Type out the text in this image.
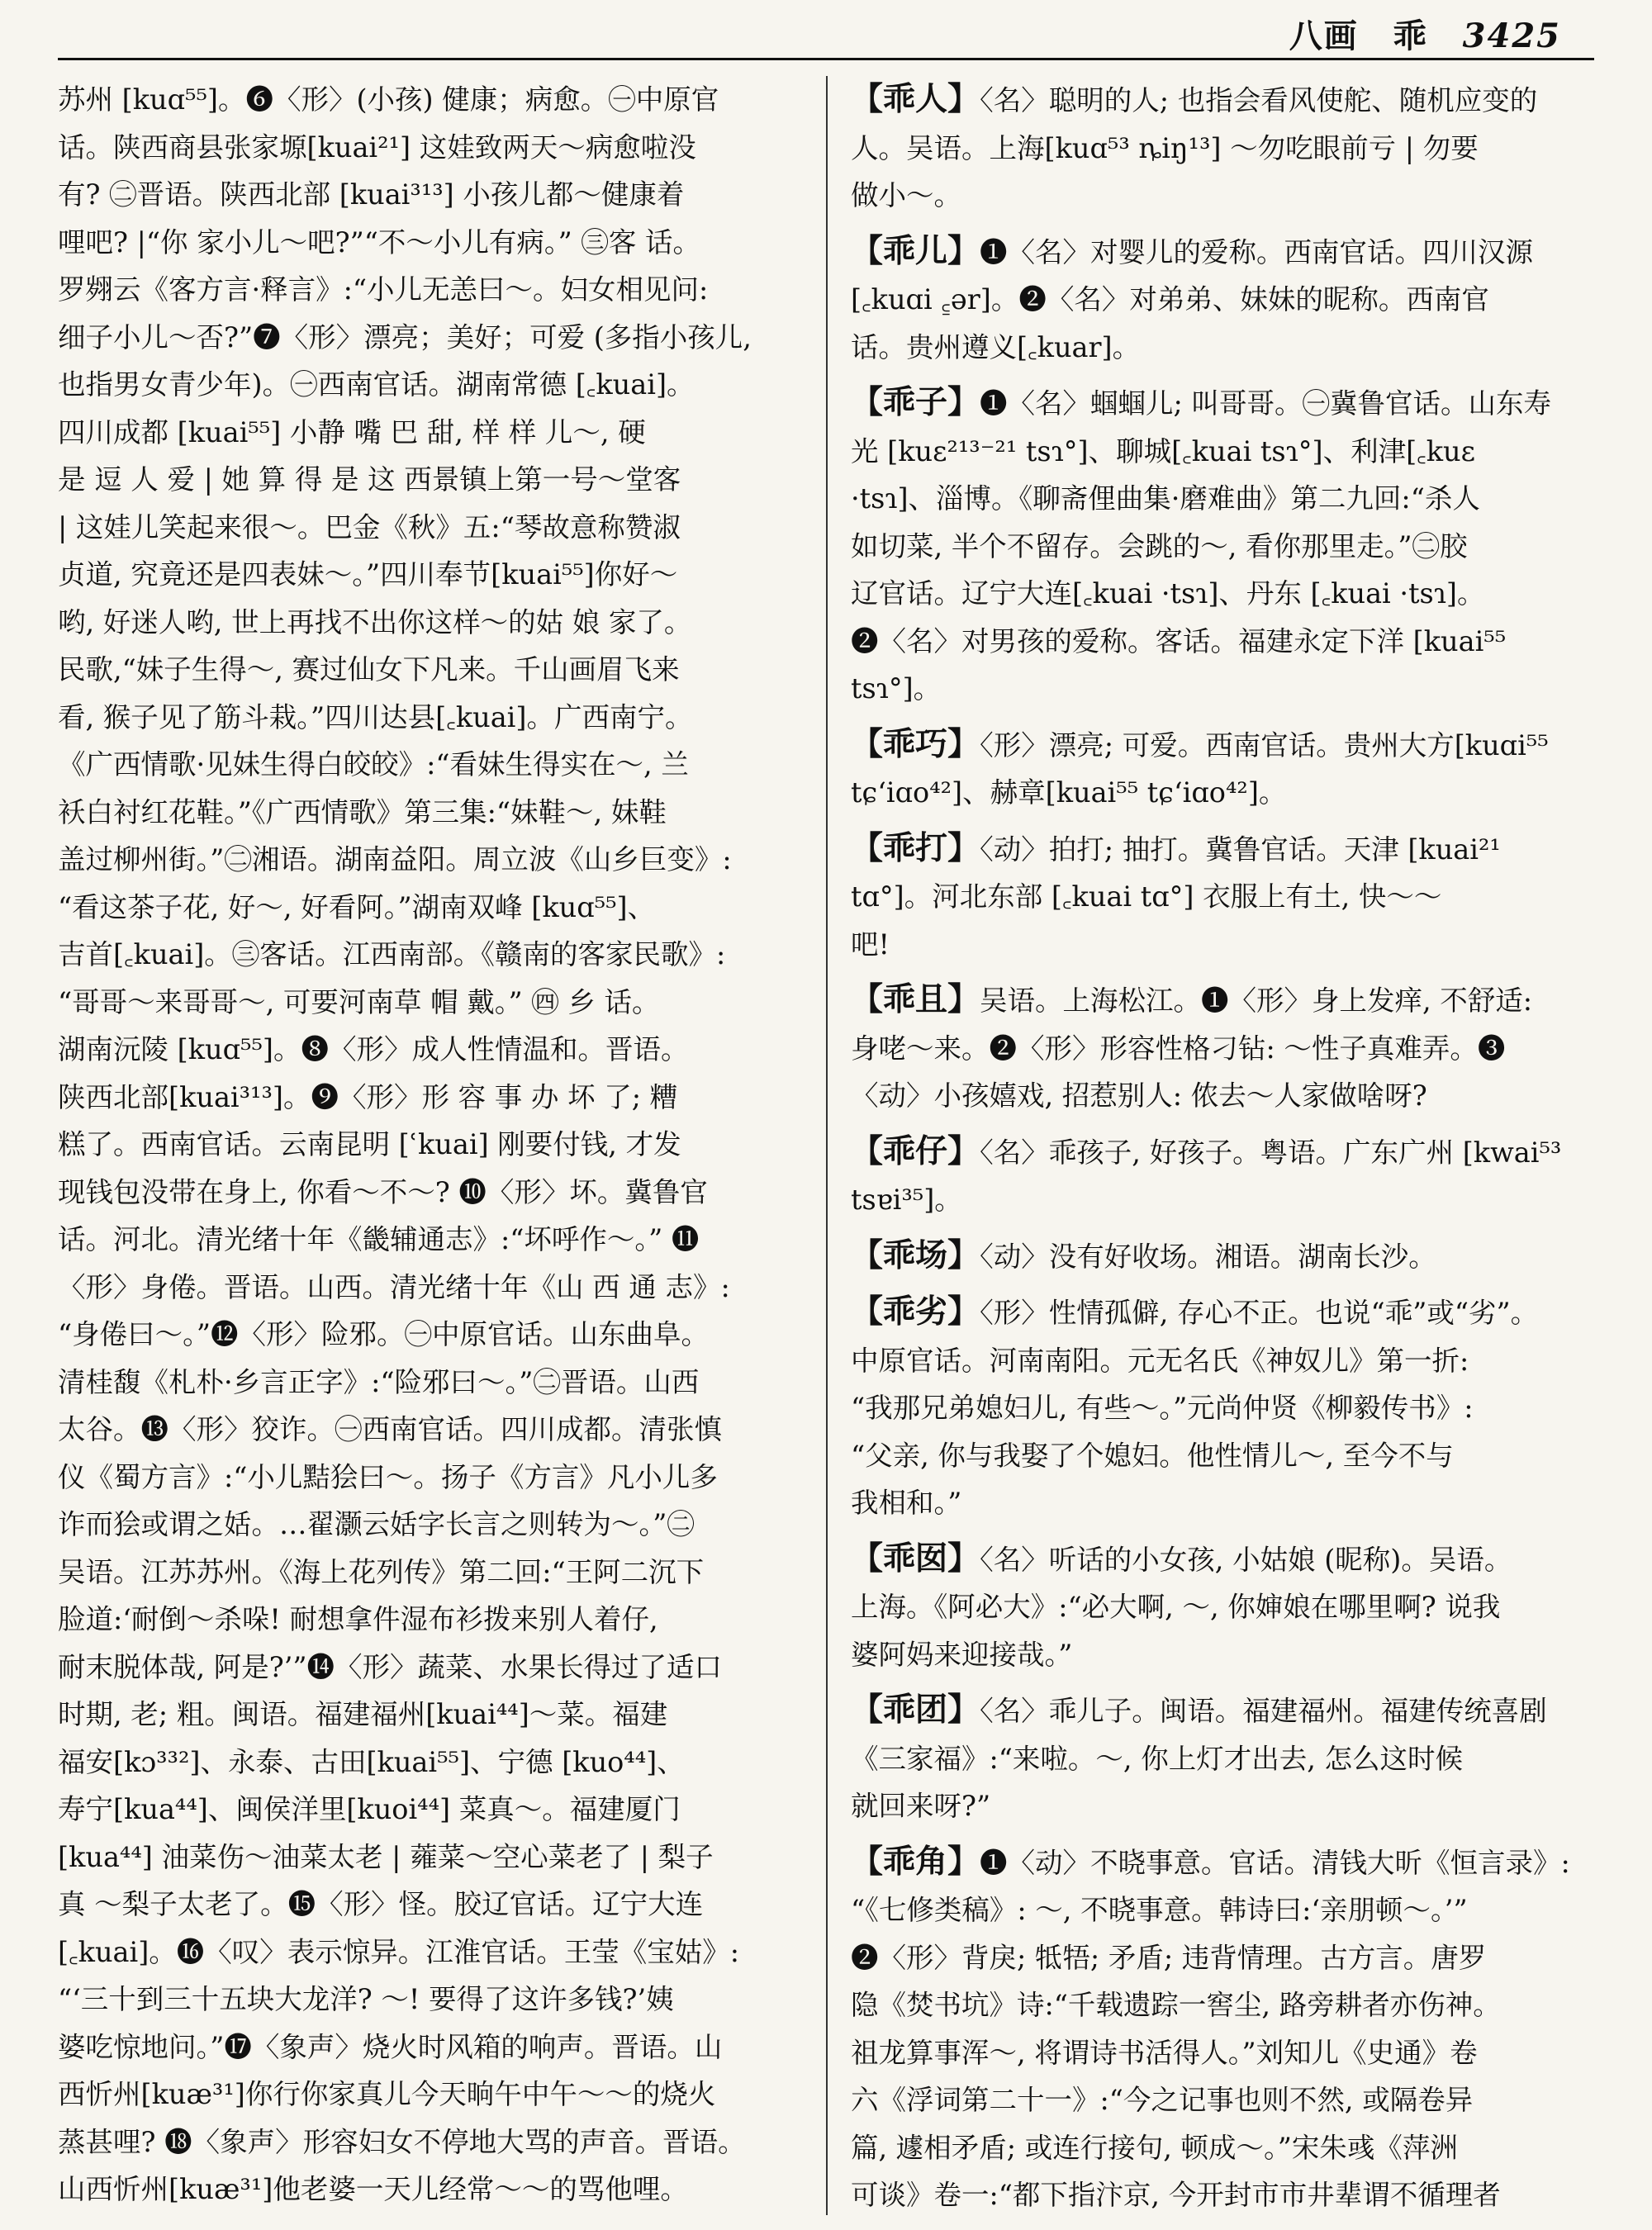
八画 乖 3425

苏州 [kuɑ⁵⁵]。❻〈形〉(小孩) 健康；病愈。㊀中原官

话。陕西商县张家塬[kuai²¹] 这娃致两天～病愈啦没

有? ㊁晋语。陕西北部 [kuai³¹³] 小孩儿都～健康着

哩吧? |“你 家小儿～吧?”“不～小儿有病。” ㊂客 话。

罗翙云《客方言·释言》:“小儿无恙曰～。妇女相见问:

细子小儿～否?”❼〈形〉漂亮；美好；可爱 (多指小孩儿,

也指男女青少年)。㊀西南官话。湖南常德 [꜀kuai]。

四川成都 [kuai⁵⁵] 小静 嘴 巴 甜, 样 样 儿～, 硬

是 逗 人 爱 | 她 算 得 是 这 西景镇上第一号～堂客

| 这娃儿笑起来很～。巴金《秋》五:“琴故意称赞淑

贞道, 究竟还是四表妹～。”四川奉节[kuai⁵⁵]你好～

哟, 好迷人哟, 世上再找不出你这样～的姑 娘 家了。

民歌,“妹子生得～, 赛过仙女下凡来。千山画眉飞来

看, 猴子见了筋斗栽。”四川达县[꜀kuai]。广西南宁。

《广西情歌·见妹生得白皎皎》:“看妹生得实在～, 兰

袄白衬红花鞋。”《广西情歌》第三集:“妹鞋～, 妹鞋

盖过柳州街。”㊁湘语。湖南益阳。周立波《山乡巨变》:

“看这茶子花, 好～, 好看阿。”湖南双峰 [kuɑ⁵⁵]、

吉首[꜀kuai]。㊂客话。江西南部。《赣南的客家民歌》:

“哥哥～来哥哥～, 可要河南草 帽 戴。” ㊃ 乡 话。

湖南沅陵 [kuɑ⁵⁵]。❽〈形〉成人性情温和。晋语。

陕西北部[kuai³¹³]。❾〈形〉形 容 事 办 坏 了; 糟

糕了。西南官话。云南昆明 [ʿkuai] 刚要付钱, 才发

现钱包没带在身上, 你看～不～? ❿〈形〉坏。冀鲁官

话。河北。清光绪十年《畿辅通志》:“坏呼作～。” ⓫

〈形〉身倦。晋语。山西。清光绪十年《山 西 通 志》:

“身倦曰～。”⓬〈形〉险邪。㊀中原官话。山东曲阜。

清桂馥《札朴·乡言正字》:“险邪曰～。”㊁晋语。山西

太谷。⓭〈形〉狡诈。㊀西南官话。四川成都。清张慎

仪《蜀方言》:“小儿黠狯曰～。扬子《方言》凡小儿多

诈而狯或谓之姡。…翟灏云姡字长言之则转为～。”㊁

吴语。江苏苏州。《海上花列传》第二回:“王阿二沉下

脸道:‘耐倒～杀哚! 耐想拿件湿布衫拨来别人着仔,

耐末脱体哉, 阿是?’”⓮〈形〉蔬菜、水果长得过了适口

时期, 老; 粗。闽语。福建福州[kuai⁴⁴]～菜。福建

福安[kɔ³³²]、永泰、古田[kuai⁵⁵]、宁德 [kuo⁴⁴]、

寿宁[kua⁴⁴]、闽侯洋里[kuoi⁴⁴] 菜真～。福建厦门

[kua⁴⁴] 油菜伤～油菜太老 | 蕹菜～空心菜老了 | 梨子

真 ～梨子太老了。⓯〈形〉怪。胶辽官话。辽宁大连

[꜀kuai]。⓰〈叹〉表示惊异。江淮官话。王莹《宝姑》:

“‘三十到三十五块大龙洋? ～! 要得了这许多钱?’姨

婆吃惊地问。”⓱〈象声〉烧火时风箱的响声。晋语。山

西忻州[kuæ³¹]你行你家真儿今天晌午中午～～的烧火

蒸甚哩? ⓲〈象声〉形容妇女不停地大骂的声音。晋语。

山西忻州[kuæ³¹]他老婆一天儿经常～～的骂他哩。

【乖人】〈名〉聪明的人; 也指会看风使舵、随机应变的

人。吴语。上海[kuɑ⁵³ ȵiŋ¹³] ～勿吃眼前亏 | 勿要

做小～。

【乖儿】❶〈名〉对婴儿的爱称。西南官话。四川汉源

[꜀kuɑi ꜁ər]。❷〈名〉对弟弟、妹妹的昵称。西南官

话。贵州遵义[꜀kuar]。

【乖子】❶〈名〉蝈蝈儿; 叫哥哥。㊀冀鲁官话。山东寿

光 [kuɛ²¹³⁻²¹ tsɿ°]、聊城[꜀kuai tsɿ°]、利津[꜀kuɛ

·tsɿ]、淄博。《聊斋俚曲集·磨难曲》第二九回:“杀人

如切菜, 半个不留存。会跳的～, 看你那里走。”㊁胶

辽官话。辽宁大连[꜀kuai ·tsɿ]、丹东 [꜀kuai ·tsɿ]。

❷〈名〉对男孩的爱称。客话。福建永定下洋 [kuai⁵⁵

tsɿ°]。

【乖巧】〈形〉漂亮; 可爱。西南官话。贵州大方[kuɑi⁵⁵

tɕʻiɑo⁴²]、赫章[kuai⁵⁵ tɕʻiɑo⁴²]。

【乖打】〈动〉拍打; 抽打。冀鲁官话。天津 [kuai²¹

tɑ°]。河北东部 [꜀kuai tɑ°] 衣服上有土, 快～～

吧!

【乖且】吴语。上海松江。❶〈形〉身上发痒, 不舒适:

身咾～来。❷〈形〉形容性格刁钻: ～性子真难弄。❸

〈动〉小孩嬉戏, 招惹别人: 侬去～人家做啥呀?

【乖仔】〈名〉乖孩子, 好孩子。粤语。广东广州 [kwai⁵³

tsɐi³⁵]。

【乖场】〈动〉没有好收场。湘语。湖南长沙。

【乖劣】〈形〉性情孤僻, 存心不正。也说“乖”或“劣”。

中原官话。河南南阳。元无名氏《神奴儿》第一折:

“我那兄弟媳妇儿, 有些～。”元尚仲贤《柳毅传书》:

“父亲, 你与我娶了个媳妇。他性情儿～, 至今不与

我相和。”

【乖囡】〈名〉听话的小女孩, 小姑娘 (昵称)。吴语。

上海。《阿必大》:“必大啊, ～, 你婶娘在哪里啊? 说我

婆阿妈来迎接哉。”

【乖团】〈名〉乖儿子。闽语。福建福州。福建传统喜剧

《三家福》:“来啦。～, 你上灯才出去, 怎么这时候

就回来呀?”

【乖角】❶〈动〉不晓事意。官话。清钱大昕《恒言录》:

“《七修类稿》: ～, 不晓事意。韩诗曰:‘亲朋顿～。’”

❷〈形〉背戾; 牴牾; 矛盾; 违背情理。古方言。唐罗

隐《焚书坑》诗:“千载遗踪一窖尘, 路旁耕者亦伤神。

祖龙算事浑～, 将谓诗书活得人。”刘知儿《史通》卷

六《浮词第二十一》:“今之记事也则不然, 或隔卷异

篇, 遽相矛盾; 或连行接句, 顿成～。”宋朱彧《萍洲

可谈》卷一:“都下指汴京, 今开封市市井辈谓不循理者
